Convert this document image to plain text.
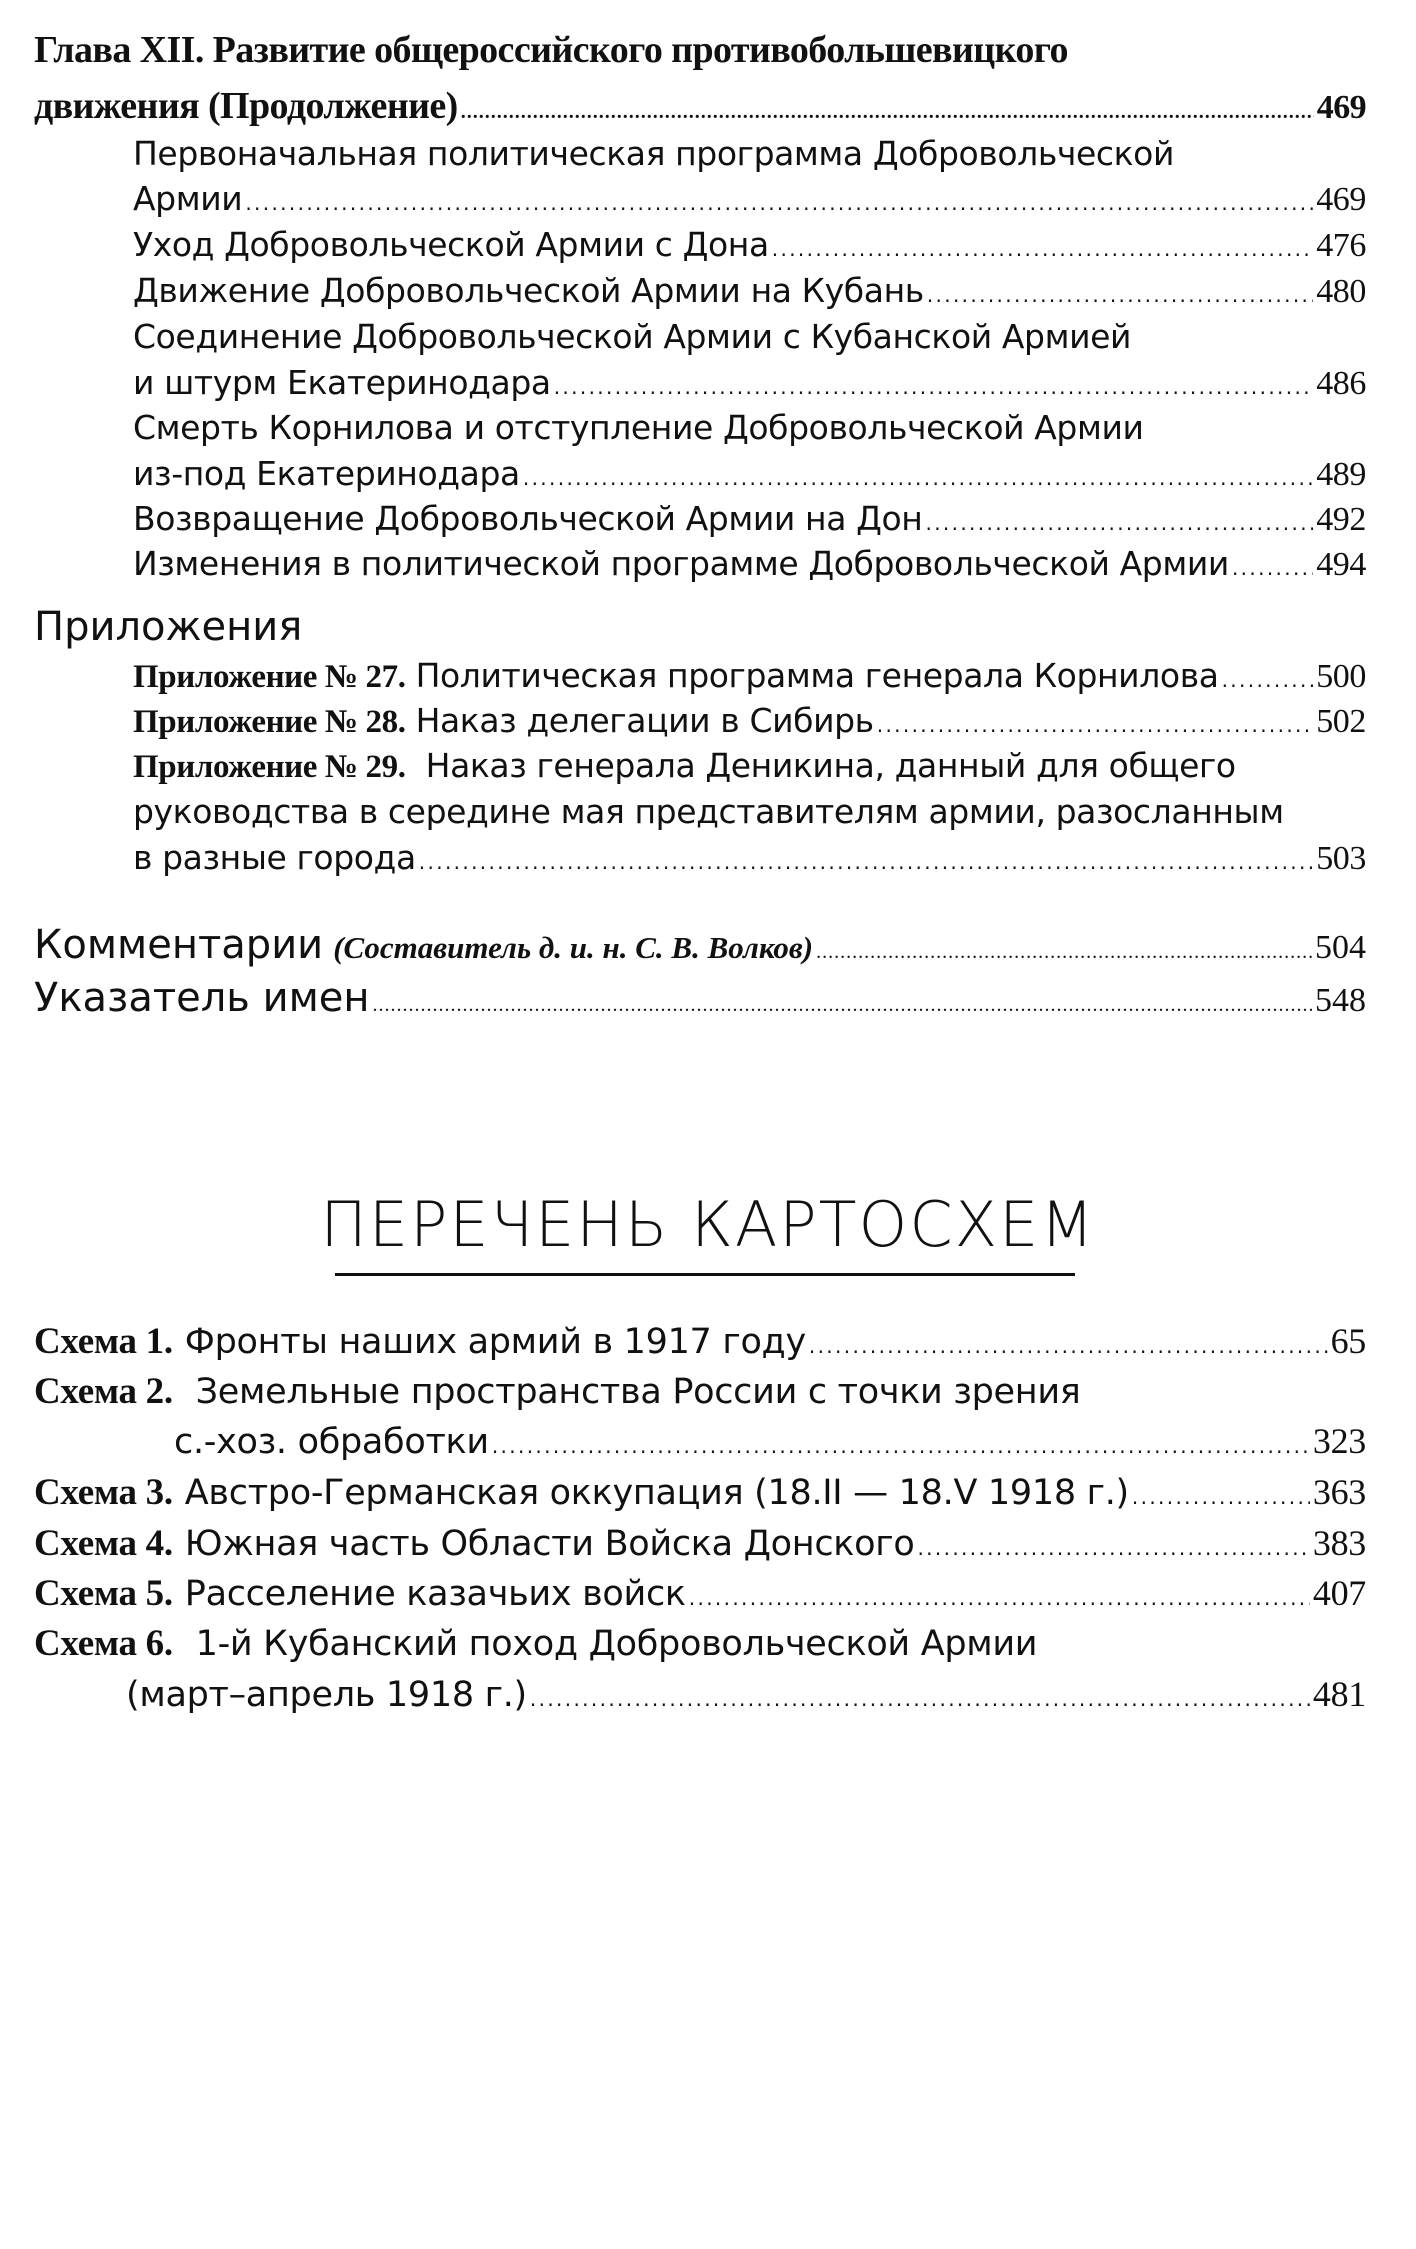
Глава XII. Развитие общероссийского противобольшевицкого
движения (Продолжение) . . .	469
Первоначальная политическая программа Добровольческой
Армии . . .	469
Уход Добровольческой Армии с Дона . . .	476
Движение Добровольческой Армии на Кубань . . .	480
Соединение Добровольческой Армии с Кубанской Армией
и штурм Екатеринодара . . .	486
Смерть Корнилова и отступление Добровольческой Армии
из-под Екатеринодара . . .	489
Возвращение Добровольческой Армии на Дон . . .	492
Изменения в политической программе Добровольческой Армии . . .	494
Приложения
Приложение № 27. Политическая программа генерала Корнилова . . .	500
Приложение № 28. Наказ делегации в Сибирь . . .	502
Приложение № 29. Наказ генерала Деникина, данный для общего
руководства в середине мая представителям армии, разосланным
в разные города . . .	503
Комментарии (Составитель д. и. н. С. В. Волков) . . .	504
Указатель имен . . .	548
ПЕРЕЧЕНЬ КАРТОСХЕМ
Схема 1. Фронты наших армий в 1917 году . . .	65
Схема 2. Земельные пространства России с точки зрения
с.-хоз. обработки . . .	323
Схема 3. Австро-Германская оккупация (18.II — 18.V 1918 г.) . . .	363
Схема 4. Южная часть Области Войска Донского . . .	383
Схема 5. Расселение казачьих войск . . .	407
Схема 6. 1-й Кубанский поход Добровольческой Армии
(март–апрель 1918 г.) . . .	481
